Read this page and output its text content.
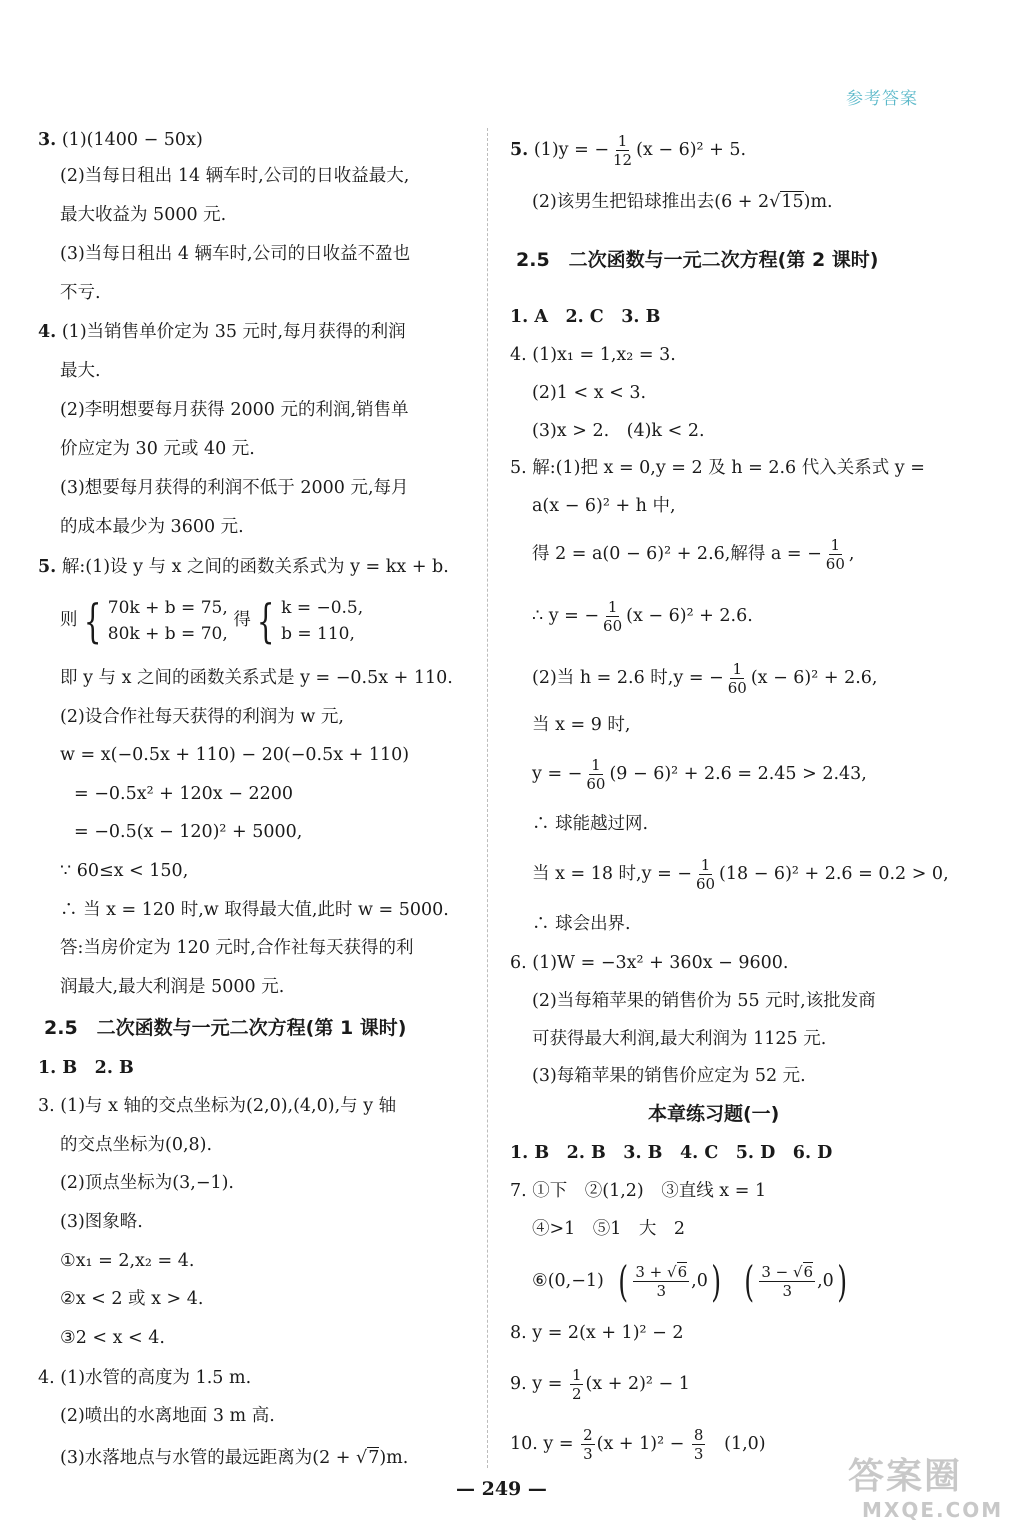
参考答案
3. (1)(1400 − 50x)
(2)当每日租出 14 辆车时,公司的日收益最大,
最大收益为 5000 元.
(3)当每日租出 4 辆车时,公司的日收益不盈也
不亏.
4. (1)当销售单价定为 35 元时,每月获得的利润
最大.
(2)李明想要每月获得 2000 元的利润,销售单
价应定为 30 元或 40 元.
(3)想要每月获得的利润不低于 2000 元,每月
的成本最少为 3600 元.
5. 解:(1)设 y 与 x 之间的函数关系式为 y = kx + b.
则 { 70k + b = 75,
80k + b = 70,
得 { k = −0.5,
b = 110,
即 y 与 x 之间的函数关系式是 y = −0.5x + 110.
(2)设合作社每天获得的利润为 w 元,
w = x(−0.5x + 110) − 20(−0.5x + 110)
= −0.5x² + 120x − 2200
= −0.5(x − 120)² + 5000,
∵ 60≤x < 150,
∴ 当 x = 120 时,w 取得最大值,此时 w = 5000.
答:当房价定为 120 元时,合作社每天获得的利
润最大,最大利润是 5000 元.
2.5　二次函数与一元二次方程(第 1 课时)
1. B　2. B
3. (1)与 x 轴的交点坐标为(2,0),(4,0),与 y 轴
的交点坐标为(0,8).
(2)顶点坐标为(3,−1).
(3)图象略.
①x₁ = 2,x₂ = 4.
②x < 2 或 x > 4.
③2 < x < 4.
4. (1)水管的高度为 1.5 m.
(2)喷出的水离地面 3 m 高.
(3)水落地点与水管的最远距离为(2 + √7)m.
5. (1)y = − $\frac{1}{12} (x - 6)^2 + 5$.
(2)该男生把铅球推出去(6 + 2√15)m.
2.5　二次函数与一元二次方程(第 2 课时)
1. A　2. C　3. B
4. (1)x₁ = 1,x₂ = 3.
(2)1 < x < 3.
(3)x > 2.　(4)k < 2.
5. 解:(1)把 x = 0,y = 2 及 h = 2.6 代入关系式 y =
a(x − 6)² + h 中,
得 2 = a(0 − 6)² + 2.6,解得 a = − $\frac{1}{60}$ ,
∴ y = − $\frac{1}{60} (x - 6)^2 + 2.6$.
(2)当 h = 2.6 时,y = − $\frac{1}{60} (x - 6)^2 + 2.6$,
当 x = 9 时,
y = − $\frac{1}{60} (9 - 6)^2 + 2.6 = 2.45 > 2.43$,
∴ 球能越过网.
当 x = 18 时,y = − $\frac{1}{60} (18 - 6)^2 + 2.6 = 0.2 > 0$,
∴ 球会出界.
6. (1)W = −3x² + 360x − 9600.
(2)当每箱苹果的销售价为 55 元时,该批发商
可获得最大利润,最大利润为 1125 元.
(3)每箱苹果的销售价应定为 52 元.
本章练习题(一)
1. B　2. B　3. B　4. C　5. D　6. D
7. ①下　②(1,2)　③直线 x = 1
④>1　⑤1　大　2
⑥(0,−1) ( $\frac{3 + √6}{3} ,0$) ( $\frac{3 - √6}{3} ,0$)
8. y = 2(x + 1)² − 2
9. $y = \frac{1}{2} (x + 2)^2 - 1$
10. $y = \frac{2}{3} (x + 1)^2 - \frac{8}{3} (1,0)$
— 249 —	答案圈
MXQE.COM
